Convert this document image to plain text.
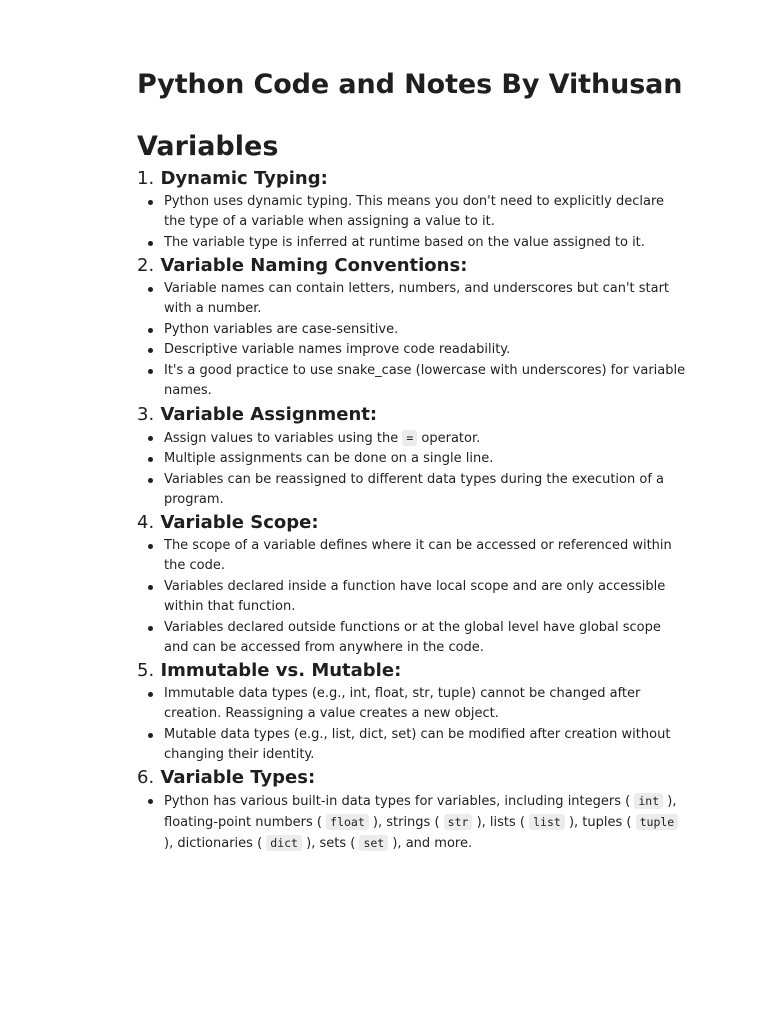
Python Code and Notes By Vithusan
Variables
1. Dynamic Typing:
Python uses dynamic typing. This means you don't need to explicitly declare the type of a variable when assigning a value to it.
The variable type is inferred at runtime based on the value assigned to it.
2. Variable Naming Conventions:
Variable names can contain letters, numbers, and underscores but can't start with a number.
Python variables are case-sensitive.
Descriptive variable names improve code readability.
It's a good practice to use snake_case (lowercase with underscores) for variable names.
3. Variable Assignment:
Assign values to variables using the = operator.
Multiple assignments can be done on a single line.
Variables can be reassigned to different data types during the execution of a program.
4. Variable Scope:
The scope of a variable defines where it can be accessed or referenced within the code.
Variables declared inside a function have local scope and are only accessible within that function.
Variables declared outside functions or at the global level have global scope and can be accessed from anywhere in the code.
5. Immutable vs. Mutable:
Immutable data types (e.g., int, float, str, tuple) cannot be changed after creation. Reassigning a value creates a new object.
Mutable data types (e.g., list, dict, set) can be modified after creation without changing their identity.
6. Variable Types:
Python has various built-in data types for variables, including integers ( int ), floating-point numbers ( float ), strings ( str ), lists ( list ), tuples ( tuple ), dictionaries ( dict ), sets ( set ), and more.
